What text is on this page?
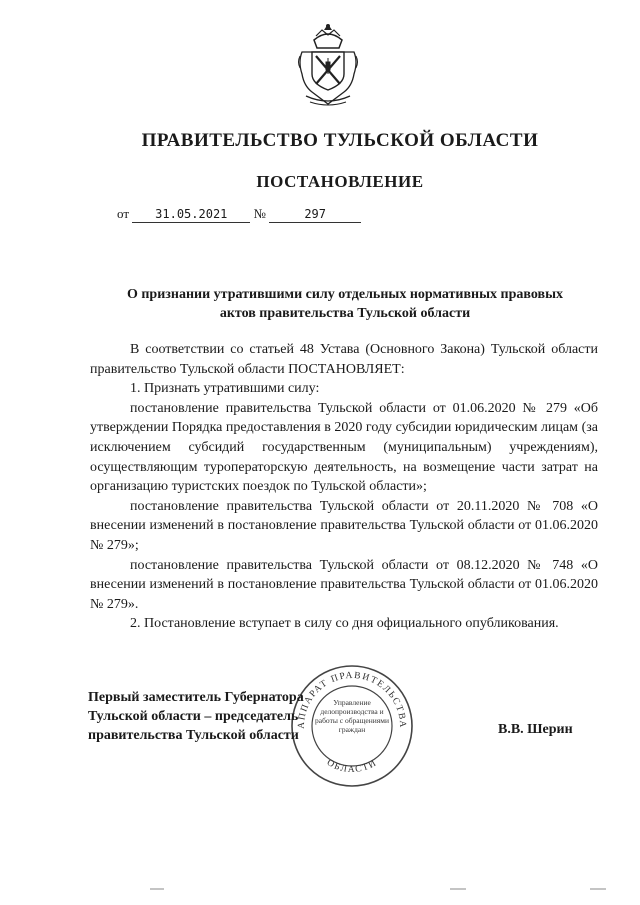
ПРАВИТЕЛЬСТВО ТУЛЬСКОЙ ОБЛАСТИ
ПОСТАНОВЛЕНИЕ
от 31.05.2021 №	297
О признании утратившими силу отдельных нормативных правовых
актов правительства Тульской области

В соответствии со статьей 48 Устава (Основного Закона) Тульской области правительство Тульской области ПОСТАНОВЛЯЕТ:

1. Признать утратившими силу:

постановление правительства Тульской области от 01.06.2020 № 279 «Об утверждении Порядка предоставления в 2020 году субсидии юридическим лицам (за исключением субсидий государственным (муниципальным) учреждениям), осуществляющим туроператорскую деятельность, на возмещение части затрат на организацию туристских поездок по Тульской области»;

постановление правительства Тульской области от 20.11.2020 № 708 «О внесении изменений в постановление правительства Тульской области от 01.06.2020 № 279»;

постановление правительства Тульской области от 08.12.2020 № 748 «О внесении изменений в постановление правительства Тульской области от 01.06.2020 № 279».

2. Постановление вступает в силу со дня официального опубликования.

АППАРАТ ПРАВИТЕЛЬСТВА
ОБЛАСТИ
Управление делопроизводства и работы с обращениями граждан
Первый заместитель Губернатора
Тульской области – председатель
правительства Тульской области	В.В. Шерин
